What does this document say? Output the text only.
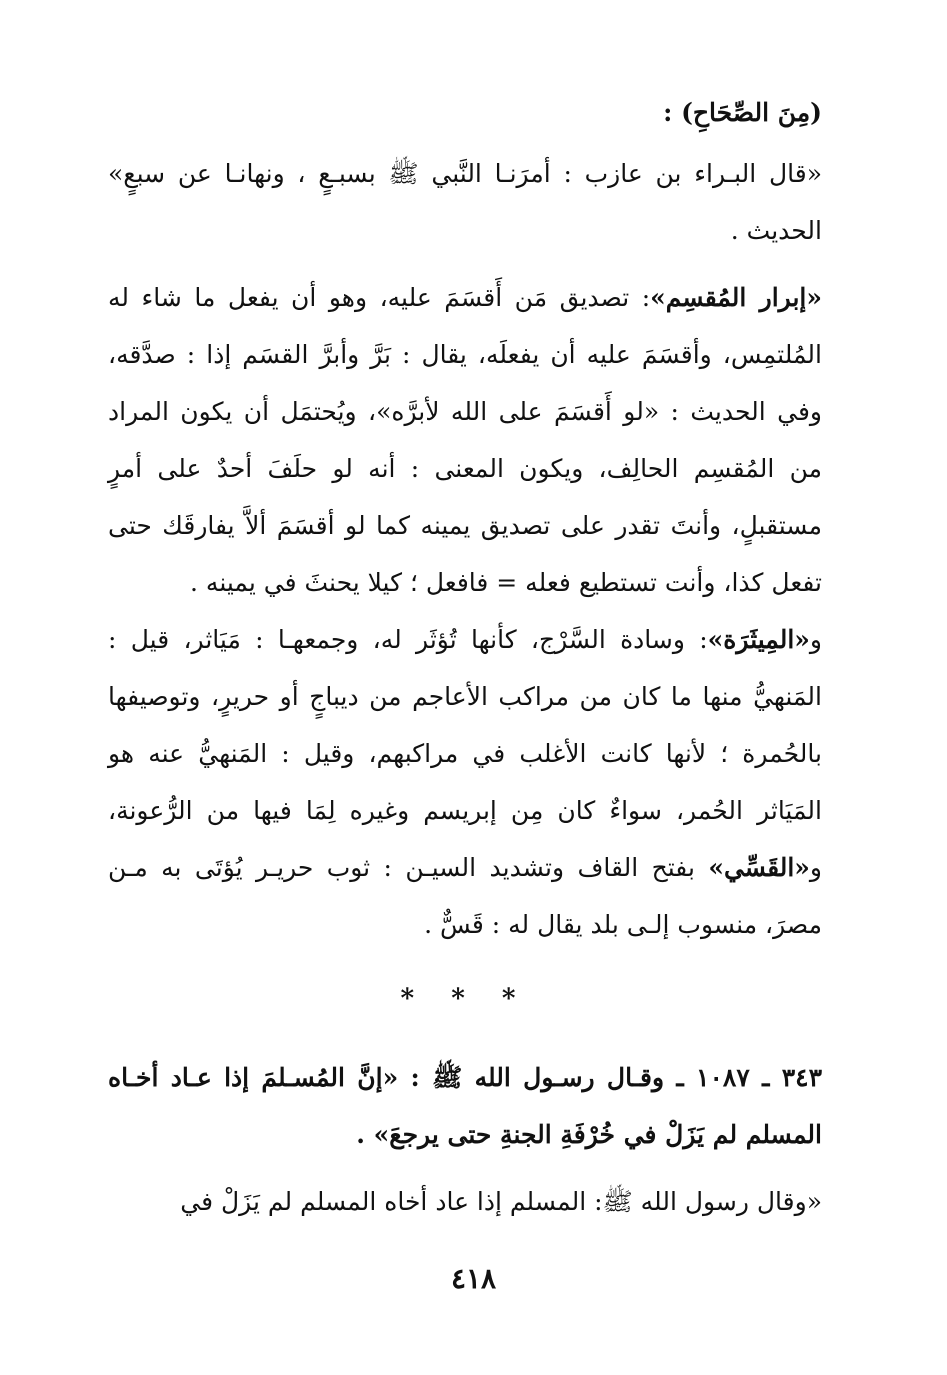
(مِنَ الصِّحَاحِ) :

«قال البـراء بن عازب : أمرَنـا النَّبي ﷺ بسبـعٍ ، ونهانـا عن سبعٍ» الحديث .

«إبرار المُقسِم»: تصديق مَن أَقسَمَ عليه، وهو أن يفعل ما شاء له المُلتمِس، وأقسَمَ عليه أن يفعلَه، يقال : بَرَّ وأبرَّ القسَم إذا : صدَّقه، وفي الحديث : «لو أَقسَمَ على الله لأبرَّه»، ويُحتمَل أن يكون المراد من المُقسِم الحالِف، ويكون المعنى : أنه لو حلَفَ أحدٌ على أمرٍ مستقبلٍ، وأنتَ تقدر على تصديق يمينه كما لو أقسَمَ ألاَّ يفارقَك حتى تفعل كذا، وأنت تستطيع فعله = فافعل ؛ كيلا يحنثَ في يمينه .

و«المِيثَرَة»: وسادة السَّرْج، كأنها تُؤثَر له، وجمعهـا : مَيَاثر، قيل : المَنهيُّ منها ما كان من مراكب الأعاجم من ديباجٍ أو حريرٍ، وتوصيفها بالحُمرة ؛ لأنها كانت الأغلب في مراكبهم، وقيل : المَنهيُّ عنه هو المَيَاثر الحُمر، سواءٌ كان مِن إبريسم وغيره لِمَا فيها من الرُّعونة، و«القَسِّي» بفتح القاف وتشديد السيـن : ثوب حريـر يُؤتَى به مـن مصرَ، منسوب إلـى بلد يقال له : قَسٌّ .

* * *

٣٤٣ ـ ١٠٨٧ ـ وقـال رسـول الله ﷺ : «إنَّ المُسـلمَ إذا عـاد أخـاه المسلم لم يَزَلْ في خُرْفَةِ الجنةِ حتى يرجعَ» .

«وقال رسول الله ﷺ: المسلم إذا عاد أخاه المسلم لم يَزَلْ في

٤١٨
